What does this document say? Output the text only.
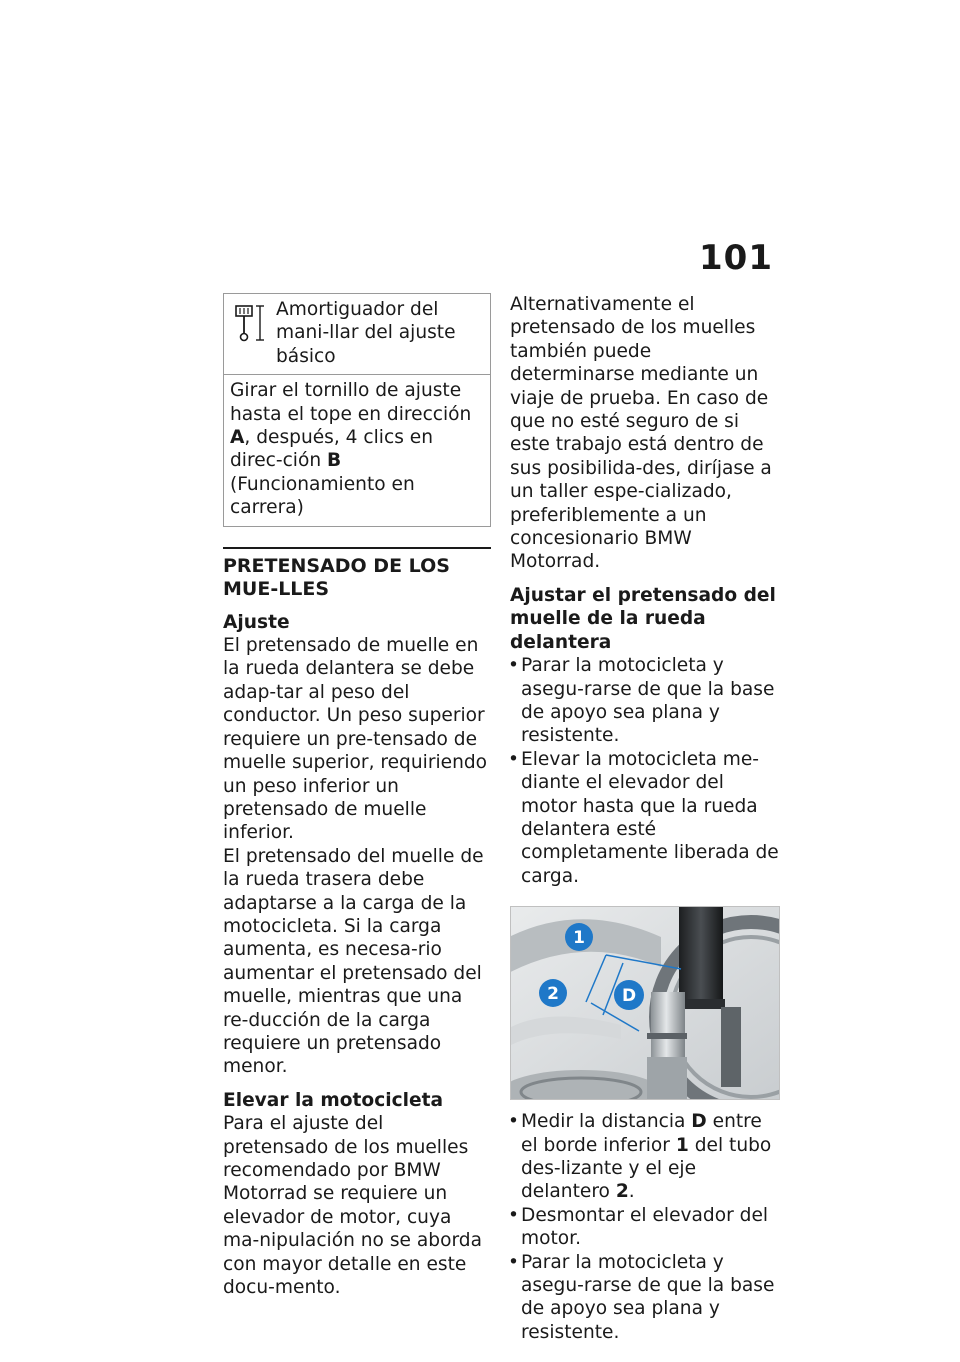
101
Amortiguador del mani-llar del ajuste básico
Girar el tornillo de ajuste hasta el tope en dirección A, después, 4 clics en direc-ción B (Funcionamiento en carrera)
PRETENSADO DE LOS MUE-LLES

Ajuste

El pretensado de muelle en la rueda delantera se debe adap-tar al peso del conductor. Un peso superior requiere un pre-tensado de muelle superior, requiriendo un peso inferior un pretensado de muelle inferior.

El pretensado del muelle de la rueda trasera debe adaptarse a la carga de la motocicleta. Si la carga aumenta, es necesa-rio aumentar el pretensado del muelle, mientras que una re-ducción de la carga requiere un pretensado menor.

Elevar la motocicleta

Para el ajuste del pretensado de los muelles recomendado por BMW Motorrad se requiere un elevador de motor, cuya ma-nipulación no se aborda con mayor detalle en este docu-mento.

Alternativamente el pretensado de los muelles también puede determinarse mediante un viaje de prueba. En caso de que no esté seguro de si este trabajo está dentro de sus posibilida-des, diríjase a un taller espe-cializado, preferiblemente a un concesionario BMW Motorrad.

Ajustar el pretensado del muelle de la rueda delantera

• Parar la motocicleta y asegu-rarse de que la base de apoyo sea plana y resistente.
• Elevar la motocicleta me-diante el elevador del motor hasta que la rueda delantera esté completamente liberada de carga.
1
2	D
• Medir la distancia D entre el borde inferior 1 del tubo des-lizante y el eje delantero 2.
• Desmontar el elevador del motor.
• Parar la motocicleta y asegu-rarse de que la base de apoyo sea plana y resistente.
